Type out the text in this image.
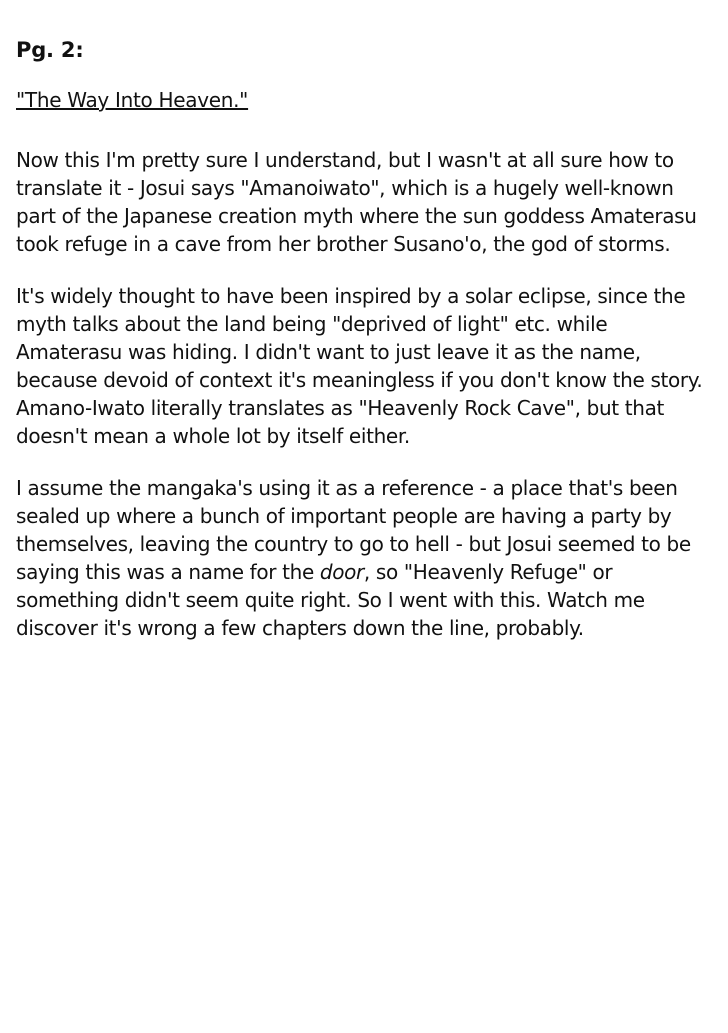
Pg. 2:
"The Way Into Heaven."

Now this I'm pretty sure I understand, but I wasn't at all sure how to translate it - Josui says "Amanoiwato", which is a hugely well-known part of the Japanese creation myth where the sun goddess Amaterasu took refuge in a cave from her brother Susano'o, the god of storms.

It's widely thought to have been inspired by a solar eclipse, since the myth talks about the land being "deprived of light" etc. while Amaterasu was hiding. I didn't want to just leave it as the name, because devoid of context it's meaningless if you don't know the story. Amano-Iwato literally translates as "Heavenly Rock Cave", but that doesn't mean a whole lot by itself either.

I assume the mangaka's using it as a reference - a place that's been sealed up where a bunch of important people are having a party by themselves, leaving the country to go to hell - but Josui seemed to be saying this was a name for the door, so "Heavenly Refuge" or something didn't seem quite right. So I went with this. Watch me discover it's wrong a few chapters down the line, probably.
